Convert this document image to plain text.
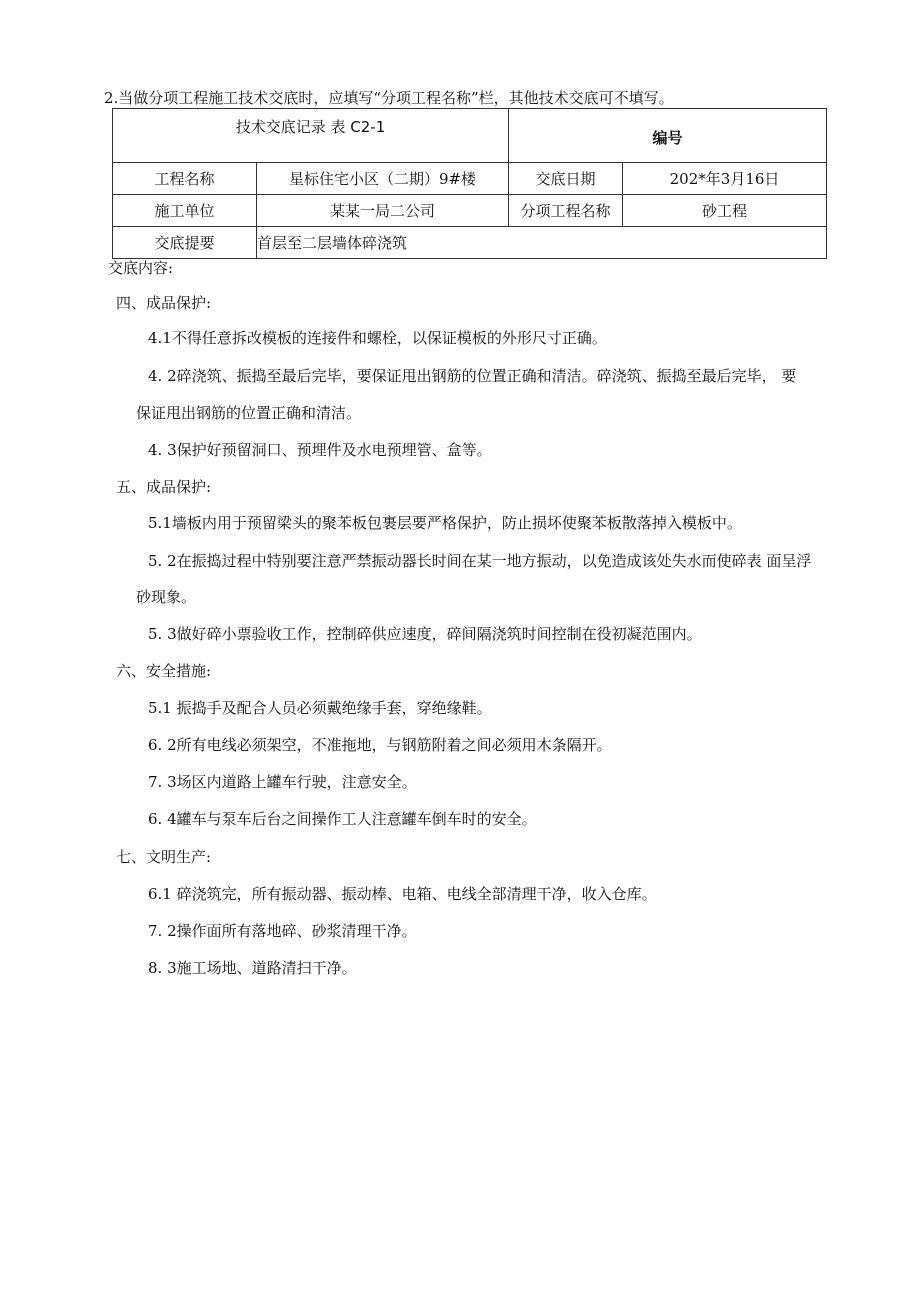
2.当做分项工程施工技术交底时，应填写“分项工程名称”栏，其他技术交底可不填写。
技术交底记录 表 C2-1		编号	
工程名称	星标住宅小区（二期）9#楼	交底日期	202*年3月16日
施工单位	某某一局二公司	分项工程名称	砂工程
交底提要	首层至二层墙体碎浇筑		
交底内容:
四、成品保护:
4.1不得任意拆改模板的连接件和螺栓，以保证模板的外形尺寸正确。
4. 2碎浇筑、振捣至最后完毕，要保证甩出钢筋的位置正确和清洁。碎浇筑、振捣至最后完毕， 要
保证甩出钢筋的位置正确和清洁。
4. 3保护好预留洞口、预埋件及水电预埋管、盒等。
五、成品保护:
5.1墙板内用于预留梁头的聚苯板包裹层要严格保护，防止损坏使聚苯板散落掉入模板中。
5. 2在振捣过程中特别要注意严禁振动器长时间在某一地方振动，以免造成该处失水而使碎表 面呈浮
砂现象。
5. 3做好碎小票验收工作，控制碎供应速度，碎间隔浇筑时间控制在役初凝范围内。
六、安全措施:
5.1 振捣手及配合人员必须戴绝缘手套，穿绝缘鞋。
6. 2所有电线必须架空，不准拖地，与钢筋附着之间必须用木条隔开。
7. 3场区内道路上罐车行驶，注意安全。
6. 4罐车与泵车后台之间操作工人注意罐车倒车时的安全。
七、文明生产:
6.1 碎浇筑完，所有振动器、振动棒、电箱、电线全部清理干净，收入仓库。
7. 2操作面所有落地碎、砂浆清理干净。
8. 3施工场地、道路清扫干净。
